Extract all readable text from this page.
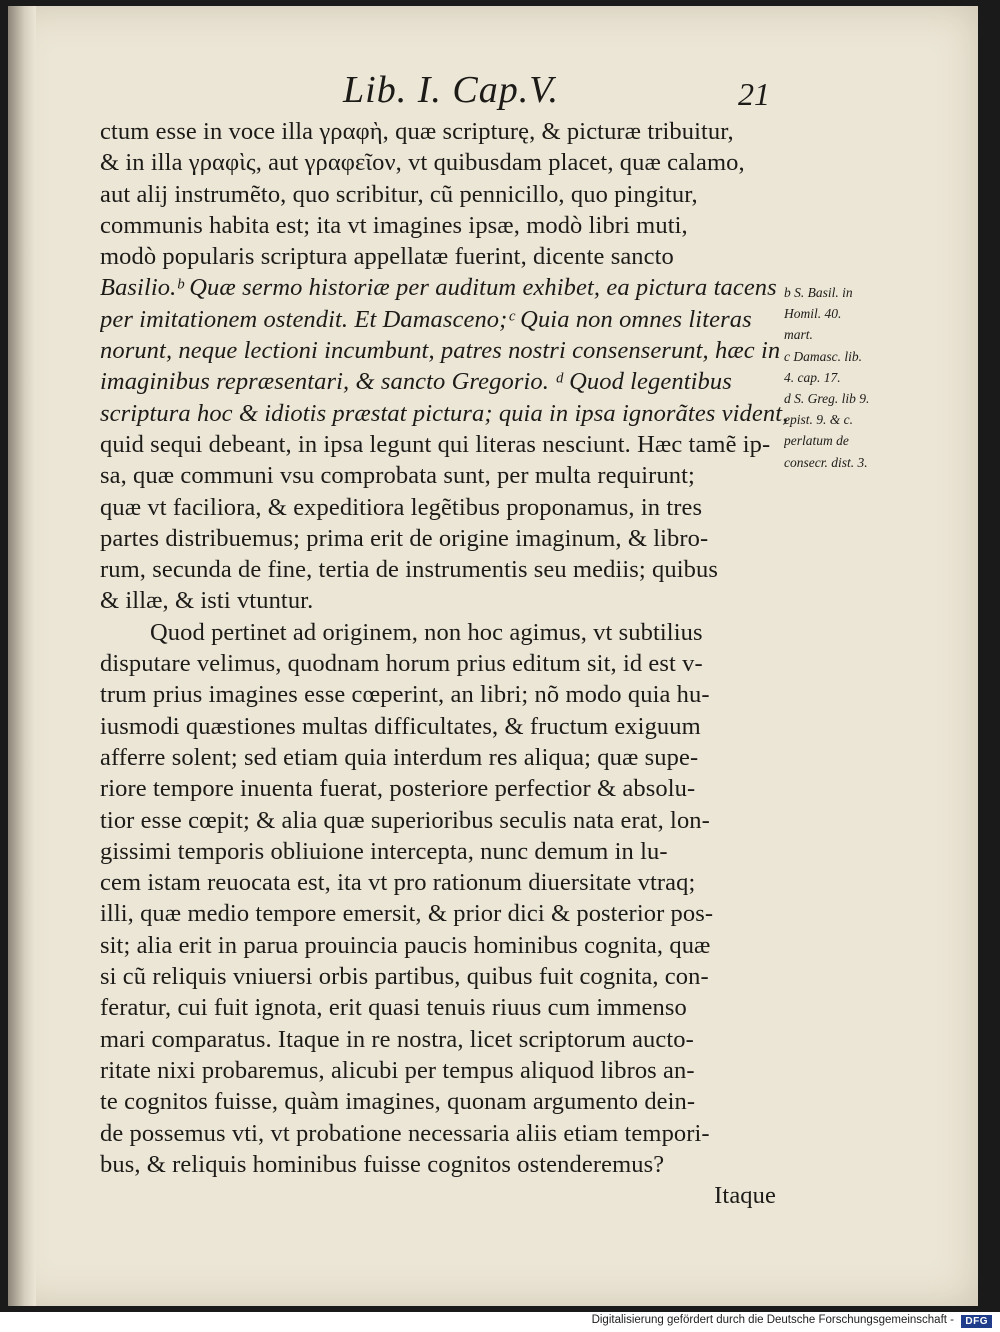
Lib. I. Cap.V.	21
ctum esse in voce illa γραφὴ, quæ scripturę, & picturæ tribuitur,
& in illa γραφὶς, aut γραφεῖον, vt quibusdam placet, quæ calamo,
aut alij instrumẽto, quo scribitur, cũ pennicillo, quo pingitur,
communis habita est; ita vt imagines ipsæ, modò libri muti,
modò popularis scriptura appellatæ fuerint, dicente sancto
Basilio.ᵇ Quæ sermo historiæ per auditum exhibet, ea pictura tacens
per imitationem ostendit. Et Damasceno;ᶜ Quia non omnes literas
norunt, neque lectioni incumbunt, patres nostri consenserunt, hæc in
imaginibus repræsentari, & sancto Gregorio. ᵈ Quod legentibus
scriptura hoc & idiotis præstat pictura; quia in ipsa ignorãtes vident,
quid sequi debeant, in ipsa legunt qui literas nesciunt. Hæc tamẽ ip-
sa, quæ communi vsu comprobata sunt, per multa requirunt;
quæ vt faciliora, & expeditiora legẽtibus proponamus, in tres
partes distribuemus; prima erit de origine imaginum, & libro-
rum, secunda de fine, tertia de instrumentis seu mediis; quibus
& illæ, & isti vtuntur.
Quod pertinet ad originem, non hoc agimus, vt subtilius
disputare velimus, quodnam horum prius editum sit, id est v-
trum prius imagines esse cœperint, an libri; nõ modo quia hu-
iusmodi quæstiones multas difficultates, & fructum exiguum
afferre solent; sed etiam quia interdum res aliqua; quæ supe-
riore tempore inuenta fuerat, posteriore perfectior & absolu-
tior esse cœpit; & alia quæ superioribus seculis nata erat, lon-
gissimi temporis obliuione intercepta, nunc demum in lu-
cem istam reuocata est, ita vt pro rationum diuersitate vtraq;
illi, quæ medio tempore emersit, & prior dici & posterior pos-
sit; alia erit in parua prouincia paucis hominibus cognita, quæ
si cũ reliquis vniuersi orbis partibus, quibus fuit cognita, con-
feratur, cui fuit ignota, erit quasi tenuis riuus cum immenso
mari comparatus. Itaque in re nostra, licet scriptorum aucto-
ritate nixi probaremus, alicubi per tempus aliquod libros an-
te cognitos fuisse, quàm imagines, quonam argumento dein-
de possemus vti, vt probatione necessaria aliis etiam tempori-
bus, & reliquis hominibus fuisse cognitos ostenderemus?
Itaque
b S. Basil. in
Homil. 40.
mart.
c Damasc. lib.
4. cap. 17.
d S. Greg. lib 9.
epist. 9. & c.
perlatum de
consecr. dist. 3.
Digitalisierung gefördert durch die Deutsche Forschungsgemeinschaft -	DFG
